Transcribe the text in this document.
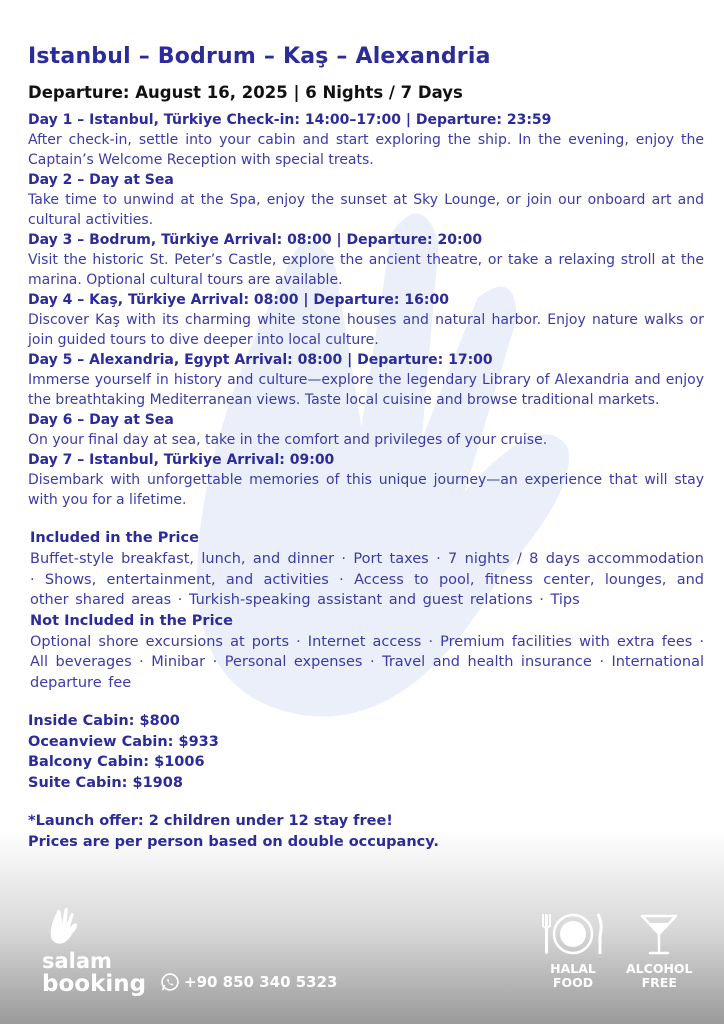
Istanbul – Bodrum – Kaş – Alexandria
Departure: August 16, 2025 | 6 Nights / 7 Days
Day 1 – Istanbul, Türkiye Check-in: 14:00–17:00 | Departure: 23:59
After check-in, settle into your cabin and start exploring the ship. In the evening, enjoy the Captain’s Welcome Reception with special treats.
Day 2 – Day at Sea
Take time to unwind at the Spa, enjoy the sunset at Sky Lounge, or join our onboard art and cultural activities.
Day 3 – Bodrum, Türkiye Arrival: 08:00 | Departure: 20:00
Visit the historic St. Peter’s Castle, explore the ancient theatre, or take a relaxing stroll at the marina. Optional cultural tours are available.
Day 4 – Kaş, Türkiye Arrival: 08:00 | Departure: 16:00
Discover Kaş with its charming white stone houses and natural harbor. Enjoy nature walks or join guided tours to dive deeper into local culture.
Day 5 – Alexandria, Egypt Arrival: 08:00 | Departure: 17:00
Immerse yourself in history and culture—explore the legendary Library of Alexandria and enjoy the breathtaking Mediterranean views. Taste local cuisine and browse traditional markets.
Day 6 – Day at Sea
On your final day at sea, take in the comfort and privileges of your cruise.
Day 7 – Istanbul, Türkiye Arrival: 09:00
Disembark with unforgettable memories of this unique journey—an experience that will stay with you for a lifetime.
Included in the Price
Buffet-style breakfast, lunch, and dinner · Port taxes · 7 nights / 8 days accommodation · Shows, entertainment, and activities · Access to pool, fitness center, lounges, and other shared areas · Turkish-speaking assistant and guest relations · Tips
Not Included in the Price
Optional shore excursions at ports · Internet access · Premium facilities with extra fees · All beverages · Minibar · Personal expenses · Travel and health insurance · International departure fee
Inside Cabin: $800
Oceanview Cabin: $933
Balcony Cabin: $1006
Suite Cabin: $1908
*Launch offer: 2 children under 12 stay free!
Prices are per person based on double occupancy.
salam
booking	+90 850 340 5323
HALAL
FOOD
ALCOHOL
FREE
